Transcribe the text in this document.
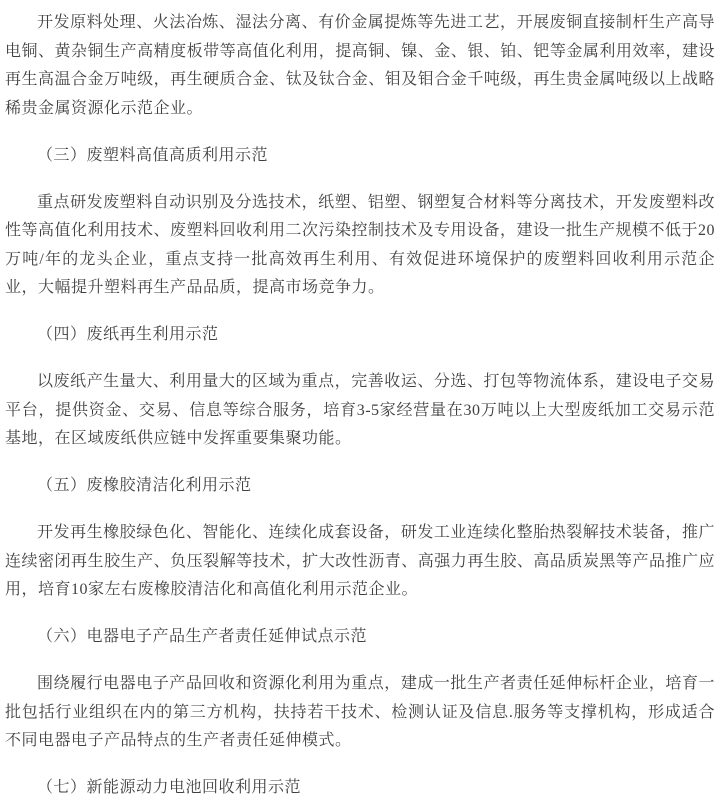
开发原料处理、火法冶炼、湿法分离、有价金属提炼等先进工艺，开展废铜直接制杆生产高导电铜、黄杂铜生产高精度板带等高值化利用，提高铜、镍、金、银、铂、钯等金属利用效率，建设再生高温合金万吨级，再生硬质合金、钛及钛合金、钼及钼合金千吨级，再生贵金属吨级以上战略稀贵金属资源化示范企业。

（三）废塑料高值高质利用示范

重点研发废塑料自动识别及分选技术，纸塑、铝塑、钢塑复合材料等分离技术，开发废塑料改性等高值化利用技术、废塑料回收利用二次污染控制技术及专用设备，建设一批生产规模不低于20万吨/年的龙头企业，重点支持一批高效再生利用、有效促进环境保护的废塑料回收利用示范企业，大幅提升塑料再生产品品质，提高市场竞争力。

（四）废纸再生利用示范

以废纸产生量大、利用量大的区域为重点，完善收运、分选、打包等物流体系，建设电子交易平台，提供资金、交易、信息等综合服务，培育3-5家经营量在30万吨以上大型废纸加工交易示范基地，在区域废纸供应链中发挥重要集聚功能。

（五）废橡胶清洁化利用示范

开发再生橡胶绿色化、智能化、连续化成套设备，研发工业连续化整胎热裂解技术装备，推广连续密闭再生胶生产、负压裂解等技术，扩大改性沥青、高强力再生胶、高品质炭黑等产品推广应用，培育10家左右废橡胶清洁化和高值化利用示范企业。

（六）电器电子产品生产者责任延伸试点示范

围绕履行电器电子产品回收和资源化利用为重点，建成一批生产者责任延伸标杆企业，培育一批包括行业组织在内的第三方机构，扶持若干技术、检测认证及信息.服务等支撑机构，形成适合不同电器电子产品特点的生产者责任延伸模式。

（七）新能源动力电池回收利用示范
